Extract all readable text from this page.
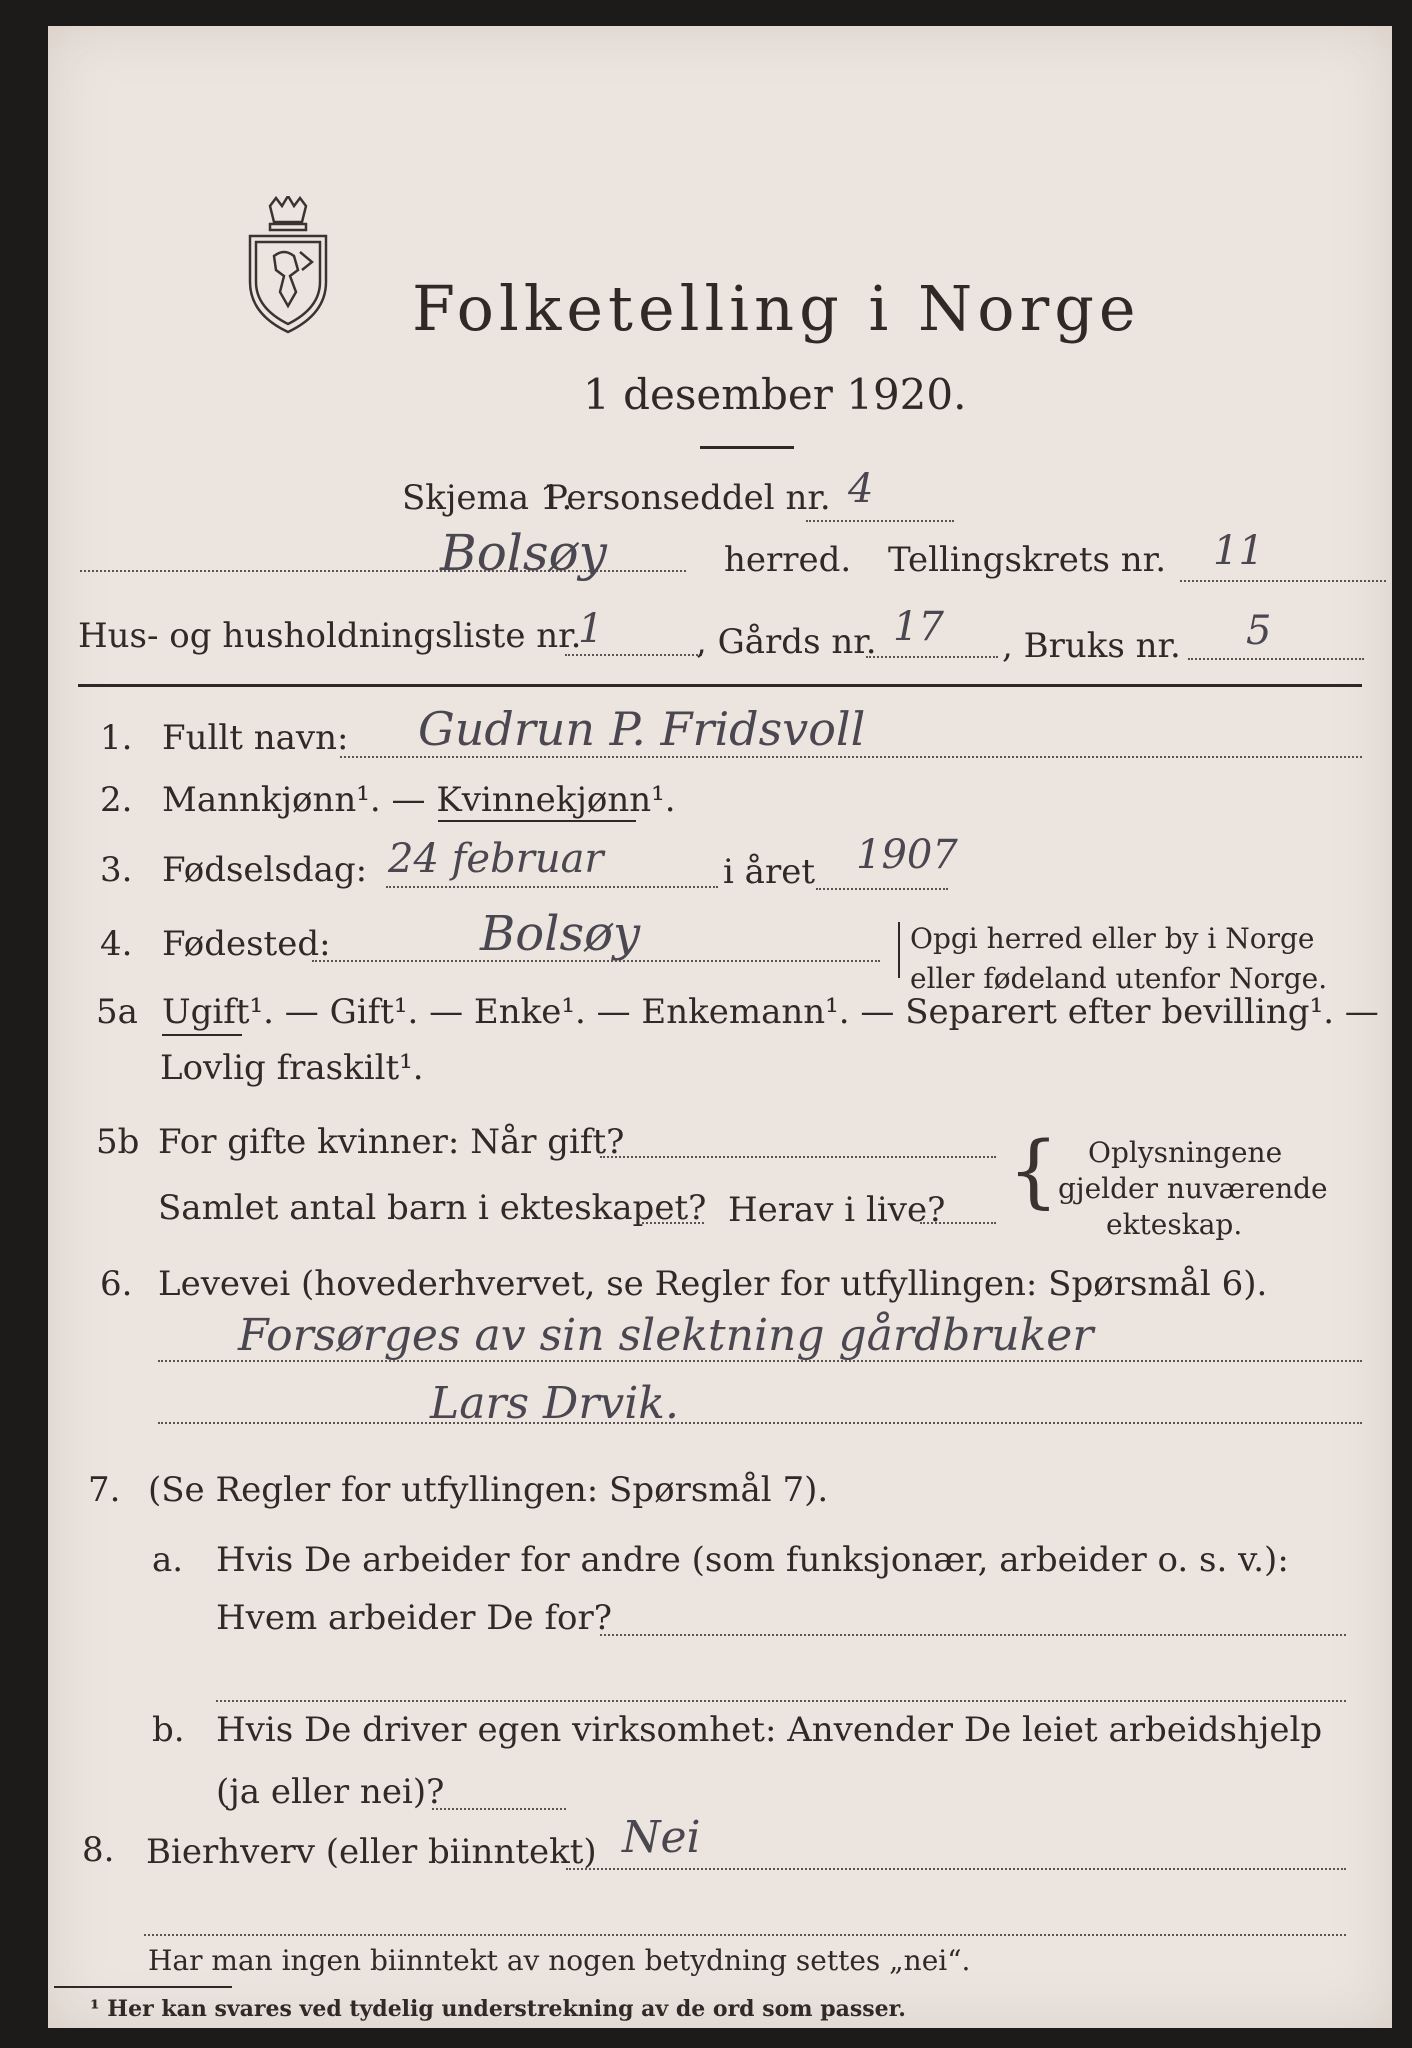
Folketelling i Norge
1 desember 1920.
Skjema 1.
Personseddel nr. 4
Bolsøy	herred. Tellingskrets nr. 11
Hus- og husholdningsliste nr.
1	, Gårds nr. 17 , Bruks nr. 5
1. Fullt navn: Gudrun P. Fridsvoll
2. Mannkjønn¹. — Kvinnekjønn¹.
3. Fødselsdag: 24 februar	i året 1907
4. Fødested:	Bolsøy	Opgi herred eller by i Norge
eller fødeland utenfor Norge.
5a Ugift¹. — Gift¹. — Enke¹. — Enkemann¹. — Separert efter bevilling¹. —
Lovlig fraskilt¹.
5b For gifte kvinner: Når gift?
Samlet antal barn i ekteskapet? Herav i live? { Oplysningene
gjelder nuværende
ekteskap.
6. Levevei (hovederhvervet, se Regler for utfyllingen: Spørsmål 6).
Forsørges av sin slektning gårdbruker
Lars Drvik.
7. (Se Regler for utfyllingen: Spørsmål 7).
a. Hvis De arbeider for andre (som funksjonær, arbeider o. s. v.):
Hvem arbeider De for?
b. Hvis De driver egen virksomhet: Anvender De leiet arbeidshjelp
(ja eller nei)?
8. Bierhverv (eller biinntekt) Nei
Har man ingen biinntekt av nogen betydning settes „nei“.
¹ Her kan svares ved tydelig understrekning av de ord som passer.
